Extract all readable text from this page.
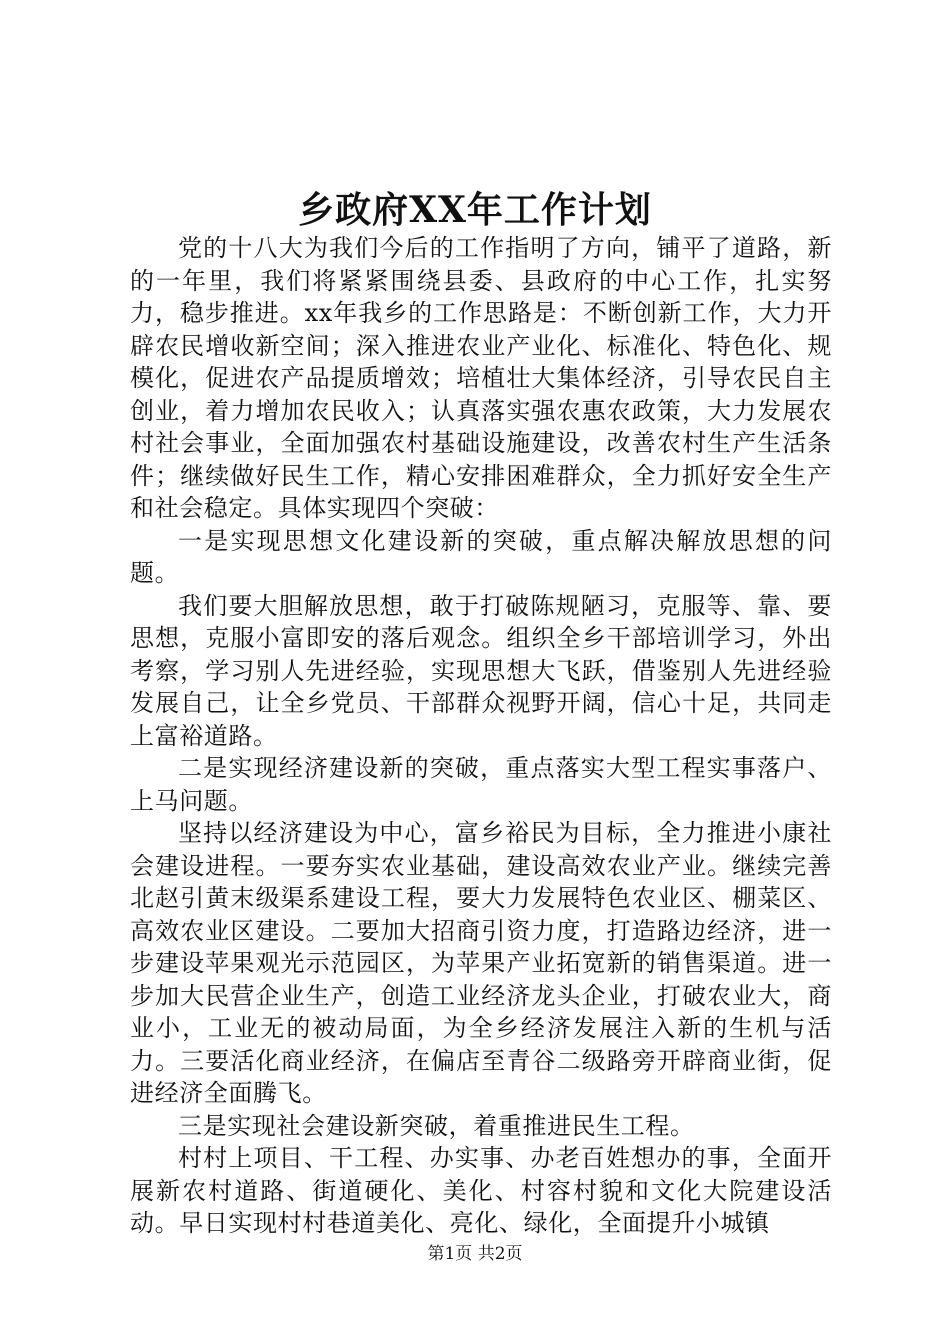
乡政府XX年工作计划

党的十八大为我们今后的工作指明了方向，铺平了道路，新的一年里，我们将紧紧围绕县委、县政府的中心工作，扎实努力，稳步推进。xx年我乡的工作思路是：不断创新工作，大力开辟农民增收新空间；深入推进农业产业化、标准化、特色化、规模化，促进农产品提质增效；培植壮大集体经济，引导农民自主创业，着力增加农民收入；认真落实强农惠农政策，大力发展农村社会事业，全面加强农村基础设施建设，改善农村生产生活条件；继续做好民生工作，精心安排困难群众，全力抓好安全生产和社会稳定。具体实现四个突破：

一是实现思想文化建设新的突破，重点解决解放思想的问题。

我们要大胆解放思想，敢于打破陈规陋习，克服等、靠、要思想，克服小富即安的落后观念。组织全乡干部培训学习，外出考察，学习别人先进经验，实现思想大飞跃，借鉴别人先进经验发展自己，让全乡党员、干部群众视野开阔，信心十足，共同走上富裕道路。

二是实现经济建设新的突破，重点落实大型工程实事落户、上马问题。

坚持以经济建设为中心，富乡裕民为目标，全力推进小康社会建设进程。一要夯实农业基础，建设高效农业产业。继续完善北赵引黄末级渠系建设工程，要大力发展特色农业区、棚菜区、高效农业区建设。二要加大招商引资力度，打造路边经济，进一步建设苹果观光示范园区，为苹果产业拓宽新的销售渠道。进一步加大民营企业生产，创造工业经济龙头企业，打破农业大，商业小，工业无的被动局面，为全乡经济发展注入新的生机与活力。三要活化商业经济，在偏店至青谷二级路旁开辟商业街，促进经济全面腾飞。

三是实现社会建设新突破，着重推进民生工程。

村村上项目、干工程、办实事、办老百姓想办的事，全面开展新农村道路、街道硬化、美化、村容村貌和文化大院建设活动。早日实现村村巷道美化、亮化、绿化，全面提升小城镇

第1页 共2页
